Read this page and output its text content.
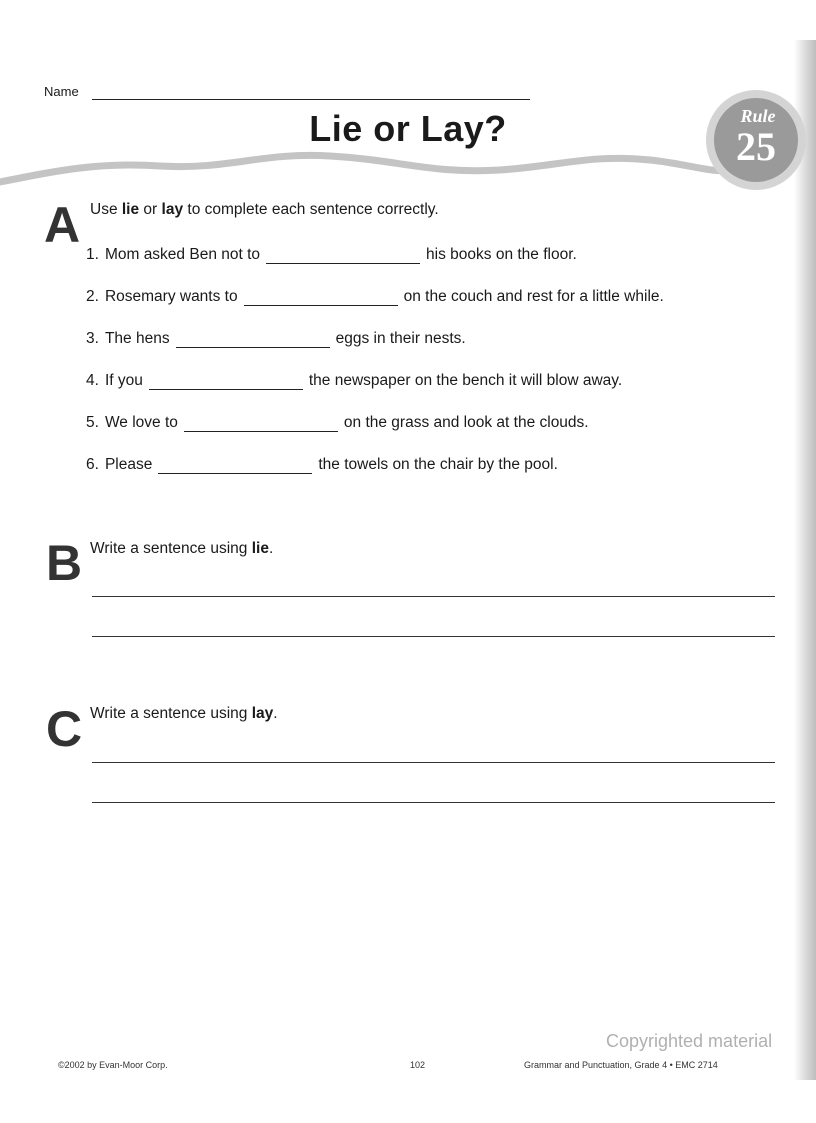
Name
Lie or Lay?	Rule
25
A Use lie or lay to complete each sentence correctly.
1. Mom asked Ben not to	his books on the floor.
2. Rosemary wants to	on the couch and rest for a little while.
3. The hens	eggs in their nests.
4. If you	the newspaper on the bench it will blow away.
5. We love to	on the grass and look at the clouds.
6. Please	the towels on the chair by the pool.
B Write a sentence using lie.
C Write a sentence using lay.
Copyrighted material
©2002 by Evan-Moor Corp.	102	Grammar and Punctuation, Grade 4 • EMC 2714
